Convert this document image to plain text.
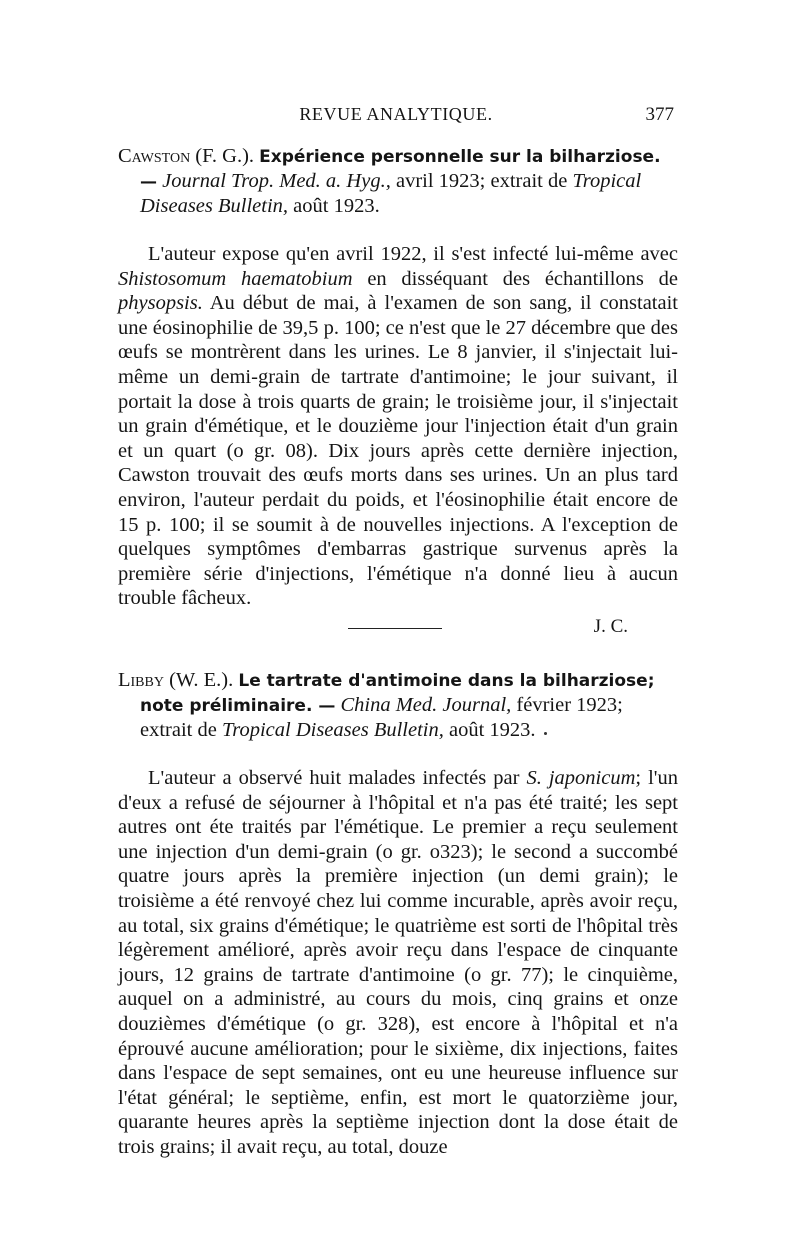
REVUE ANALYTIQUE.	377

Cawston (F. G.). Expérience personnelle sur la bilharziose. — Journal Trop. Med. a. Hyg., avril 1923; extrait de Tropical Diseases Bulletin, août 1923.

L'auteur expose qu'en avril 1922, il s'est infecté lui-même avec Shistosomum haematobium en disséquant des échantillons de physopsis. Au début de mai, à l'examen de son sang, il constatait une éosinophilie de 39,5 p. 100; ce n'est que le 27 décembre que des œufs se montrèrent dans les urines. Le 8 janvier, il s'injectait lui-même un demi-grain de tartrate d'antimoine; le jour suivant, il portait la dose à trois quarts de grain; le troisième jour, il s'injectait un grain d'émétique, et le douzième jour l'injection était d'un grain et un quart (o gr. 08). Dix jours après cette dernière injection, Cawston trouvait des œufs morts dans ses urines. Un an plus tard environ, l'auteur perdait du poids, et l'éosinophilie était encore de 15 p. 100; il se soumit à de nouvelles injections. A l'exception de quelques symptômes d'embarras gastrique survenus après la première série d'injections, l'émétique n'a donné lieu à aucun trouble fâcheux.

J. C.

Libby (W. E.). Le tartrate d'antimoine dans la bilharziose; note préliminaire. — China Med. Journal, février 1923; extrait de Tropical Diseases Bulletin, août 1923.

L'auteur a observé huit malades infectés par S. japonicum; l'un d'eux a refusé de séjourner à l'hôpital et n'a pas été traité; les sept autres ont éte traités par l'émétique. Le premier a reçu seulement une injection d'un demi-grain (o gr. o323); le second a succombé quatre jours après la première injection (un demi grain); le troisième a été renvoyé chez lui comme incurable, après avoir reçu, au total, six grains d'émétique; le quatrième est sorti de l'hôpital très légèrement amélioré, après avoir reçu dans l'espace de cinquante jours, 12 grains de tartrate d'antimoine (o gr. 77); le cinquième, auquel on a administré, au cours du mois, cinq grains et onze douzièmes d'émétique (o gr. 328), est encore à l'hôpital et n'a éprouvé aucune amélioration; pour le sixième, dix injections, faites dans l'espace de sept semaines, ont eu une heureuse influence sur l'état général; le septième, enfin, est mort le quatorzième jour, quarante heures après la septième injection dont la dose était de trois grains; il avait reçu, au total, douze
